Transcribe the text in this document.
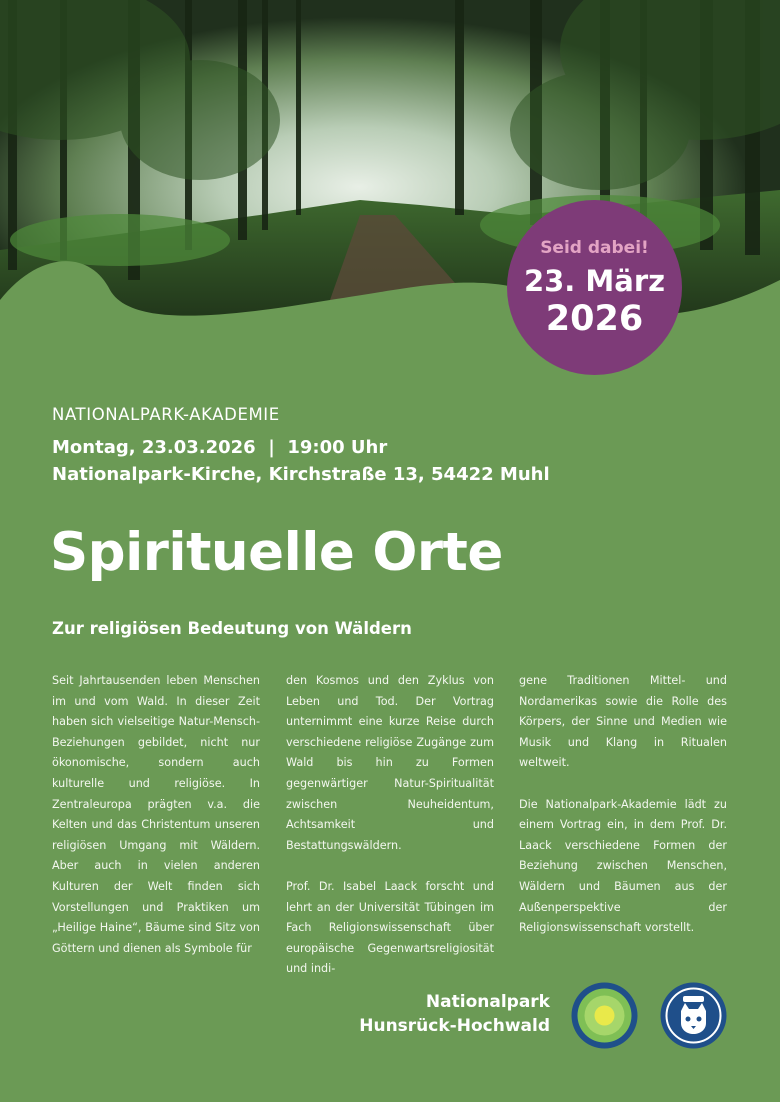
Seid dabei!
23. März
2026
NATIONALPARK-AKADEMIE
Montag, 23.03.2026  |  19:00 Uhr
Nationalpark-Kirche, Kirchstraße 13, 54422 Muhl
Spirituelle Orte
Zur religiösen Bedeutung von Wäldern

Seit Jahrtausenden leben Menschen im und vom Wald. In dieser Zeit haben sich vielseitige Natur-Mensch-Beziehungen gebildet, nicht nur ökonomische, sondern auch kulturelle und religiöse. In Zentraleuropa prägten v.a. die Kelten und das Christentum unseren religiösen Umgang mit Wäldern. Aber auch in vielen anderen Kulturen der Welt finden sich Vorstellungen und Praktiken um „Heilige Haine“, Bäume sind Sitz von Göttern und dienen als Symbole für

den Kosmos und den Zyklus von Leben und Tod. Der Vortrag unternimmt eine kurze Reise durch verschiedene religiöse Zugänge zum Wald bis hin zu Formen gegenwärtiger Natur-Spiritualität zwischen Neuheidentum, Achtsamkeit und Bestattungswäldern.

Prof. Dr. Isabel Laack forscht und lehrt an der Universität Tübingen im Fach Religionswissenschaft über europäische Gegenwartsreligiosität und indi-

gene Traditionen Mittel- und Nordamerikas sowie die Rolle des Körpers, der Sinne und Medien wie Musik und Klang in Ritualen weltweit.

Die Nationalpark-Akademie lädt zu einem Vortrag ein, in dem Prof. Dr. Laack verschiedene Formen der Beziehung zwischen Menschen, Wäldern und Bäumen aus der Außenperspektive der Religionswissenschaft vorstellt.

Nationalpark
Hunsrück-Hochwald
